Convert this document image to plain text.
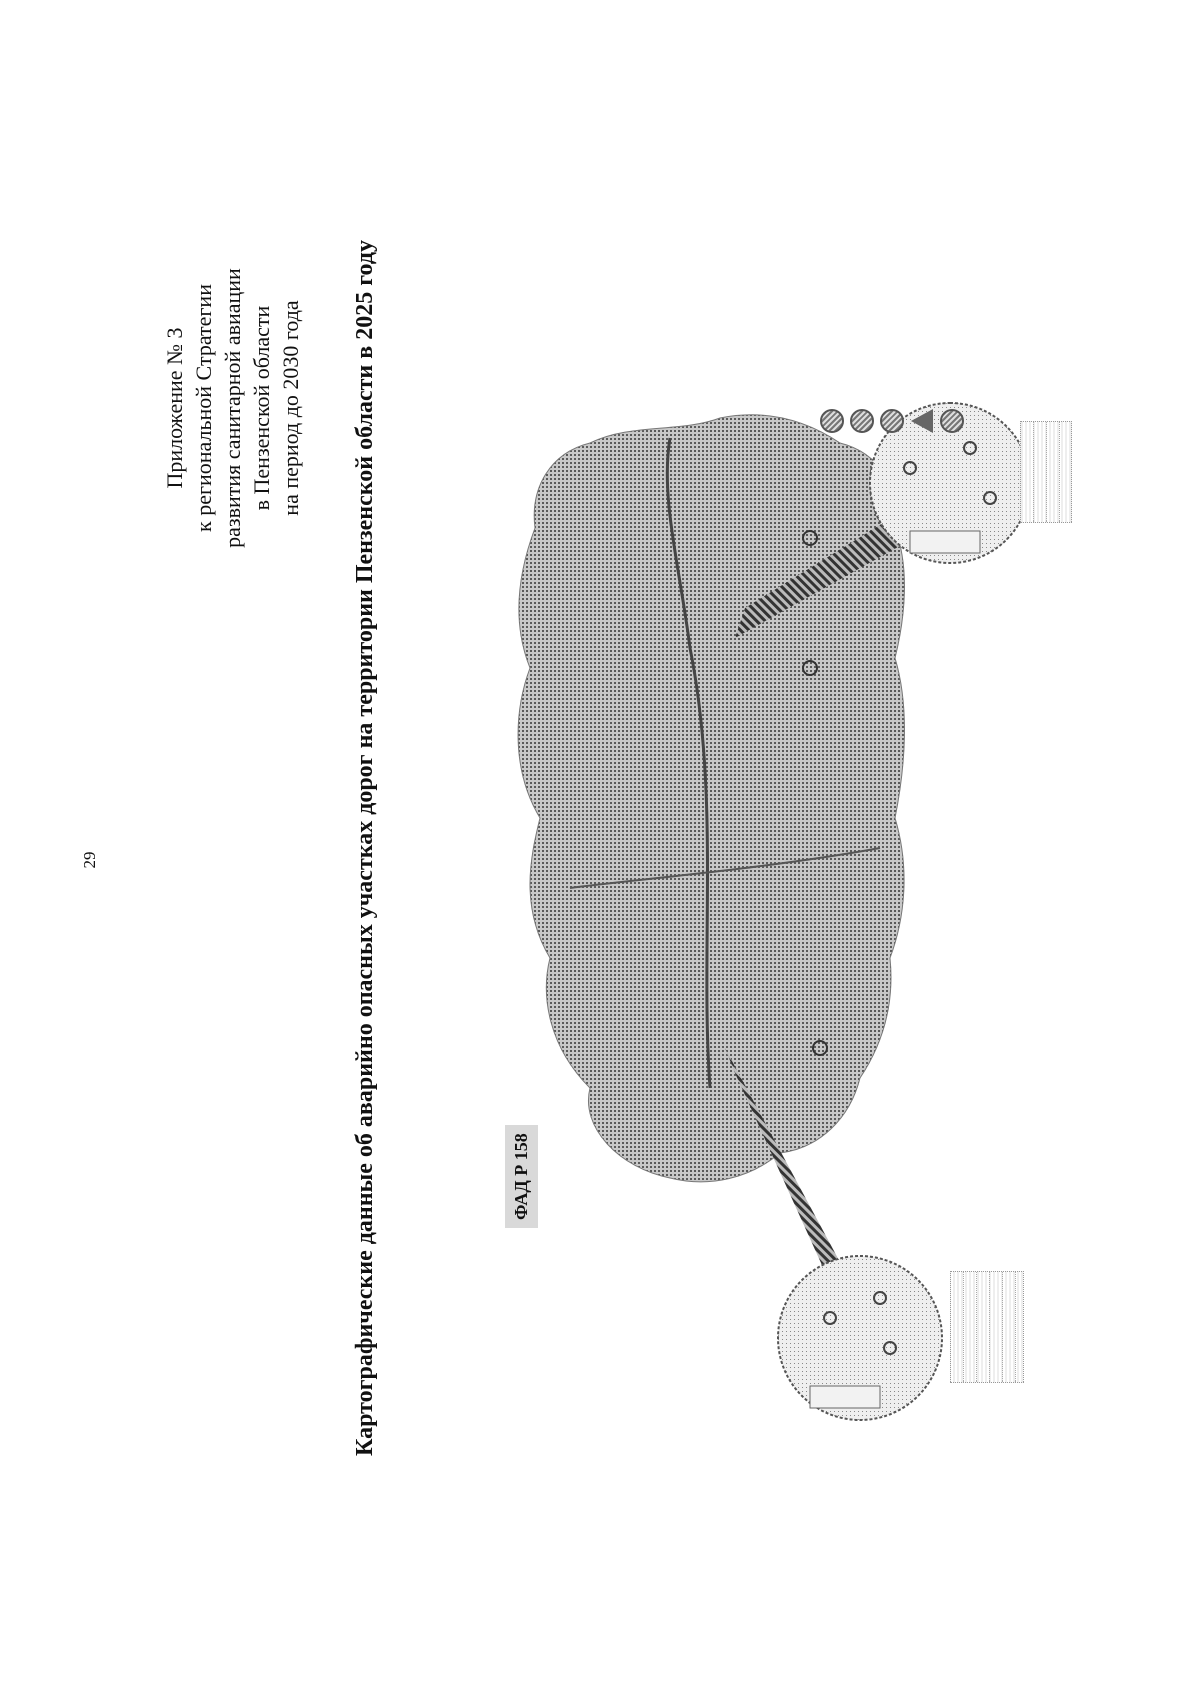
29
Приложение № 3 к региональной Стратегии развития санитарной авиации в Пензенской области на период до 2030 года Картографические данные об аварийно опасных участках дорог на территории Пензенской области в 2025 году	ФАД Р 158
